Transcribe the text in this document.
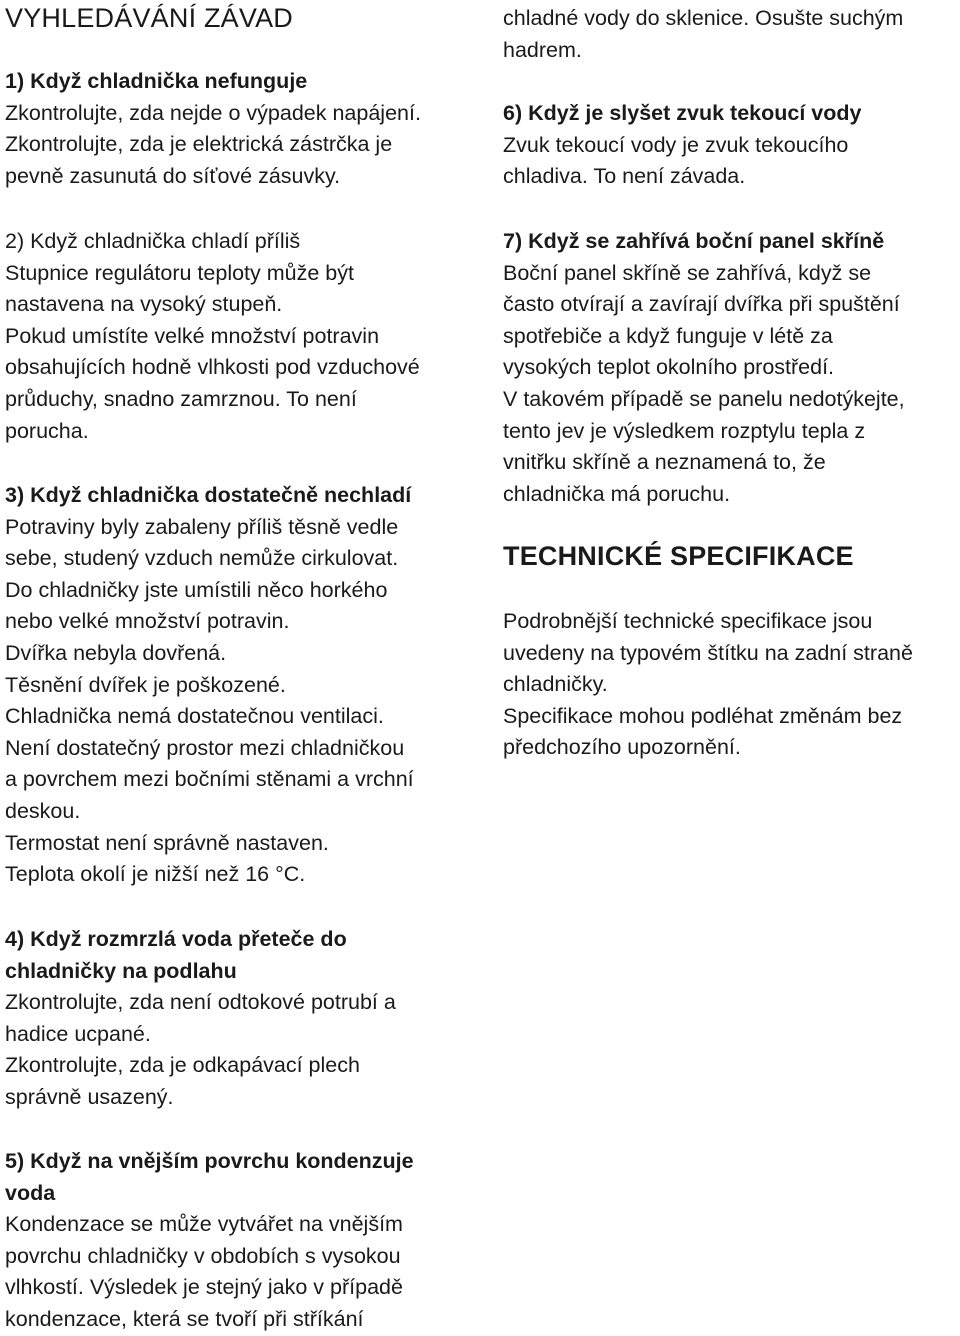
VYHLEDÁVÁNÍ ZÁVAD
1) Když chladnička nefunguje
Zkontrolujte, zda nejde o výpadek napájení.
Zkontrolujte, zda je elektrická zástrčka je
pevně zasunutá do síťové zásuvky.
2) Když chladnička chladí příliš
Stupnice regulátoru teploty může být
nastavena na vysoký stupeň.
Pokud umístíte velké množství potravin
obsahujících hodně vlhkosti pod vzduchové
průduchy, snadno zamrznou. To není
porucha.
3) Když chladnička dostatečně nechladí
Potraviny byly zabaleny příliš těsně vedle
sebe, studený vzduch nemůže cirkulovat.
Do chladničky jste umístili něco horkého
nebo velké množství potravin.
Dvířka nebyla dovřená.
Těsnění dvířek je poškozené.
Chladnička nemá dostatečnou ventilaci.
Není dostatečný prostor mezi chladničkou
a povrchem mezi bočními stěnami a vrchní
deskou.
Termostat není správně nastaven.
Teplota okolí je nižší než 16 °C.
4) Když rozmrzlá voda přeteče do
chladničky na podlahu
Zkontrolujte, zda není odtokové potrubí a
hadice ucpané.
Zkontrolujte, zda je odkapávací plech
správně usazený.
5) Když na vnějším povrchu kondenzuje
voda
Kondenzace se může vytvářet na vnějším
povrchu chladničky v obdobích s vysokou
vlhkostí. Výsledek je stejný jako v případě
kondenzace, která se tvoří při stříkání
chladné vody do sklenice. Osušte suchým
hadrem.
6) Když je slyšet zvuk tekoucí vody
Zvuk tekoucí vody je zvuk tekoucího
chladiva. To není závada.
7) Když se zahřívá boční panel skříně
Boční panel skříně se zahřívá, když se
často otvírají a zavírají dvířka při spuštění
spotřebiče a když funguje v létě za
vysokých teplot okolního prostředí.
V takovém případě se panelu nedotýkejte,
tento jev je výsledkem rozptylu tepla z
vnitřku skříně a neznamená to, že
chladnička má poruchu.
TECHNICKÉ SPECIFIKACE
Podrobnější technické specifikace jsou
uvedeny na typovém štítku na zadní straně
chladničky.
Specifikace mohou podléhat změnám bez
předchozího upozornění.
